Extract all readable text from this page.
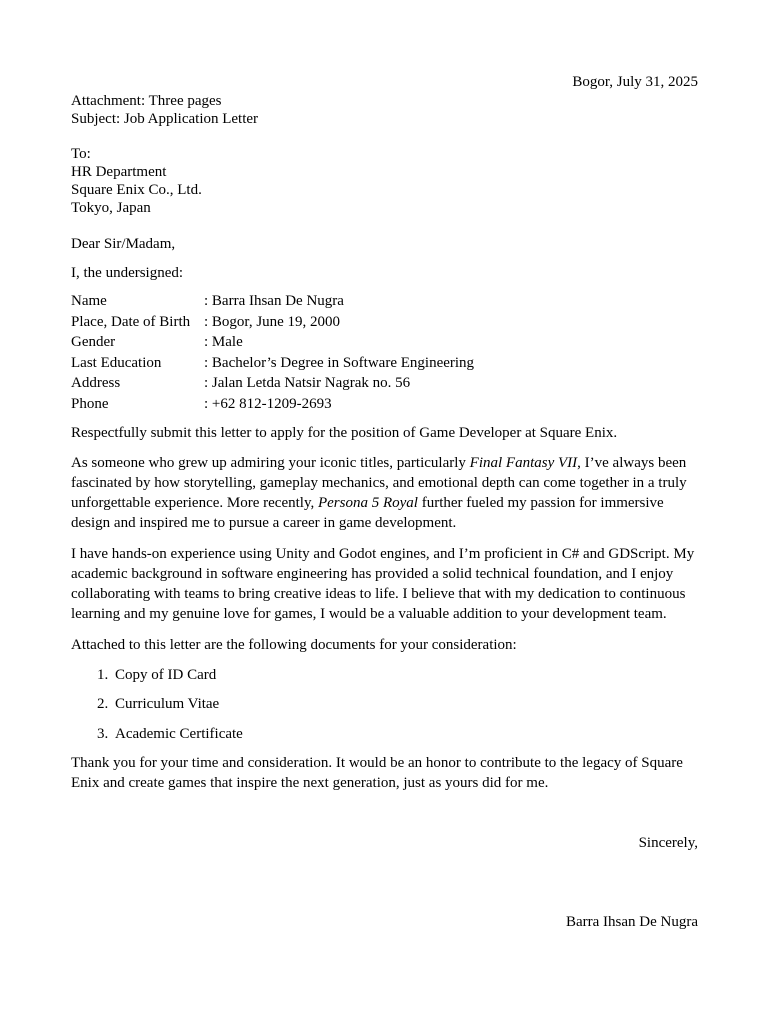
Bogor, July 31, 2025
Attachment: Three pages
Subject: Job Application Letter
To:
HR Department
Square Enix Co., Ltd.
Tokyo, Japan
Dear Sir/Madam,
I, the undersigned:
Name	: Barra Ihsan De Nugra
Place, Date of Birth	: Bogor, June 19, 2000
Gender	: Male
Last Education	: Bachelor’s Degree in Software Engineering
Address	: Jalan Letda Natsir Nagrak no. 56
Phone	: +62 812-1209-2693
Respectfully submit this letter to apply for the position of Game Developer at Square Enix.
As someone who grew up admiring your iconic titles, particularly Final Fantasy VII, I’ve always been fascinated by how storytelling, gameplay mechanics, and emotional depth can come together in a truly unforgettable experience. More recently, Persona 5 Royal further fueled my passion for immersive design and inspired me to pursue a career in game development.
I have hands-on experience using Unity and Godot engines, and I’m proficient in C# and GDScript. My academic background in software engineering has provided a solid technical foundation, and I enjoy collaborating with teams to bring creative ideas to life. I believe that with my dedication to continuous learning and my genuine love for games, I would be a valuable addition to your development team.
Attached to this letter are the following documents for your consideration:
1. Copy of ID Card
2. Curriculum Vitae
3. Academic Certificate
Thank you for your time and consideration. It would be an honor to contribute to the legacy of Square Enix and create games that inspire the next generation, just as yours did for me.
Sincerely,
Barra Ihsan De Nugra
